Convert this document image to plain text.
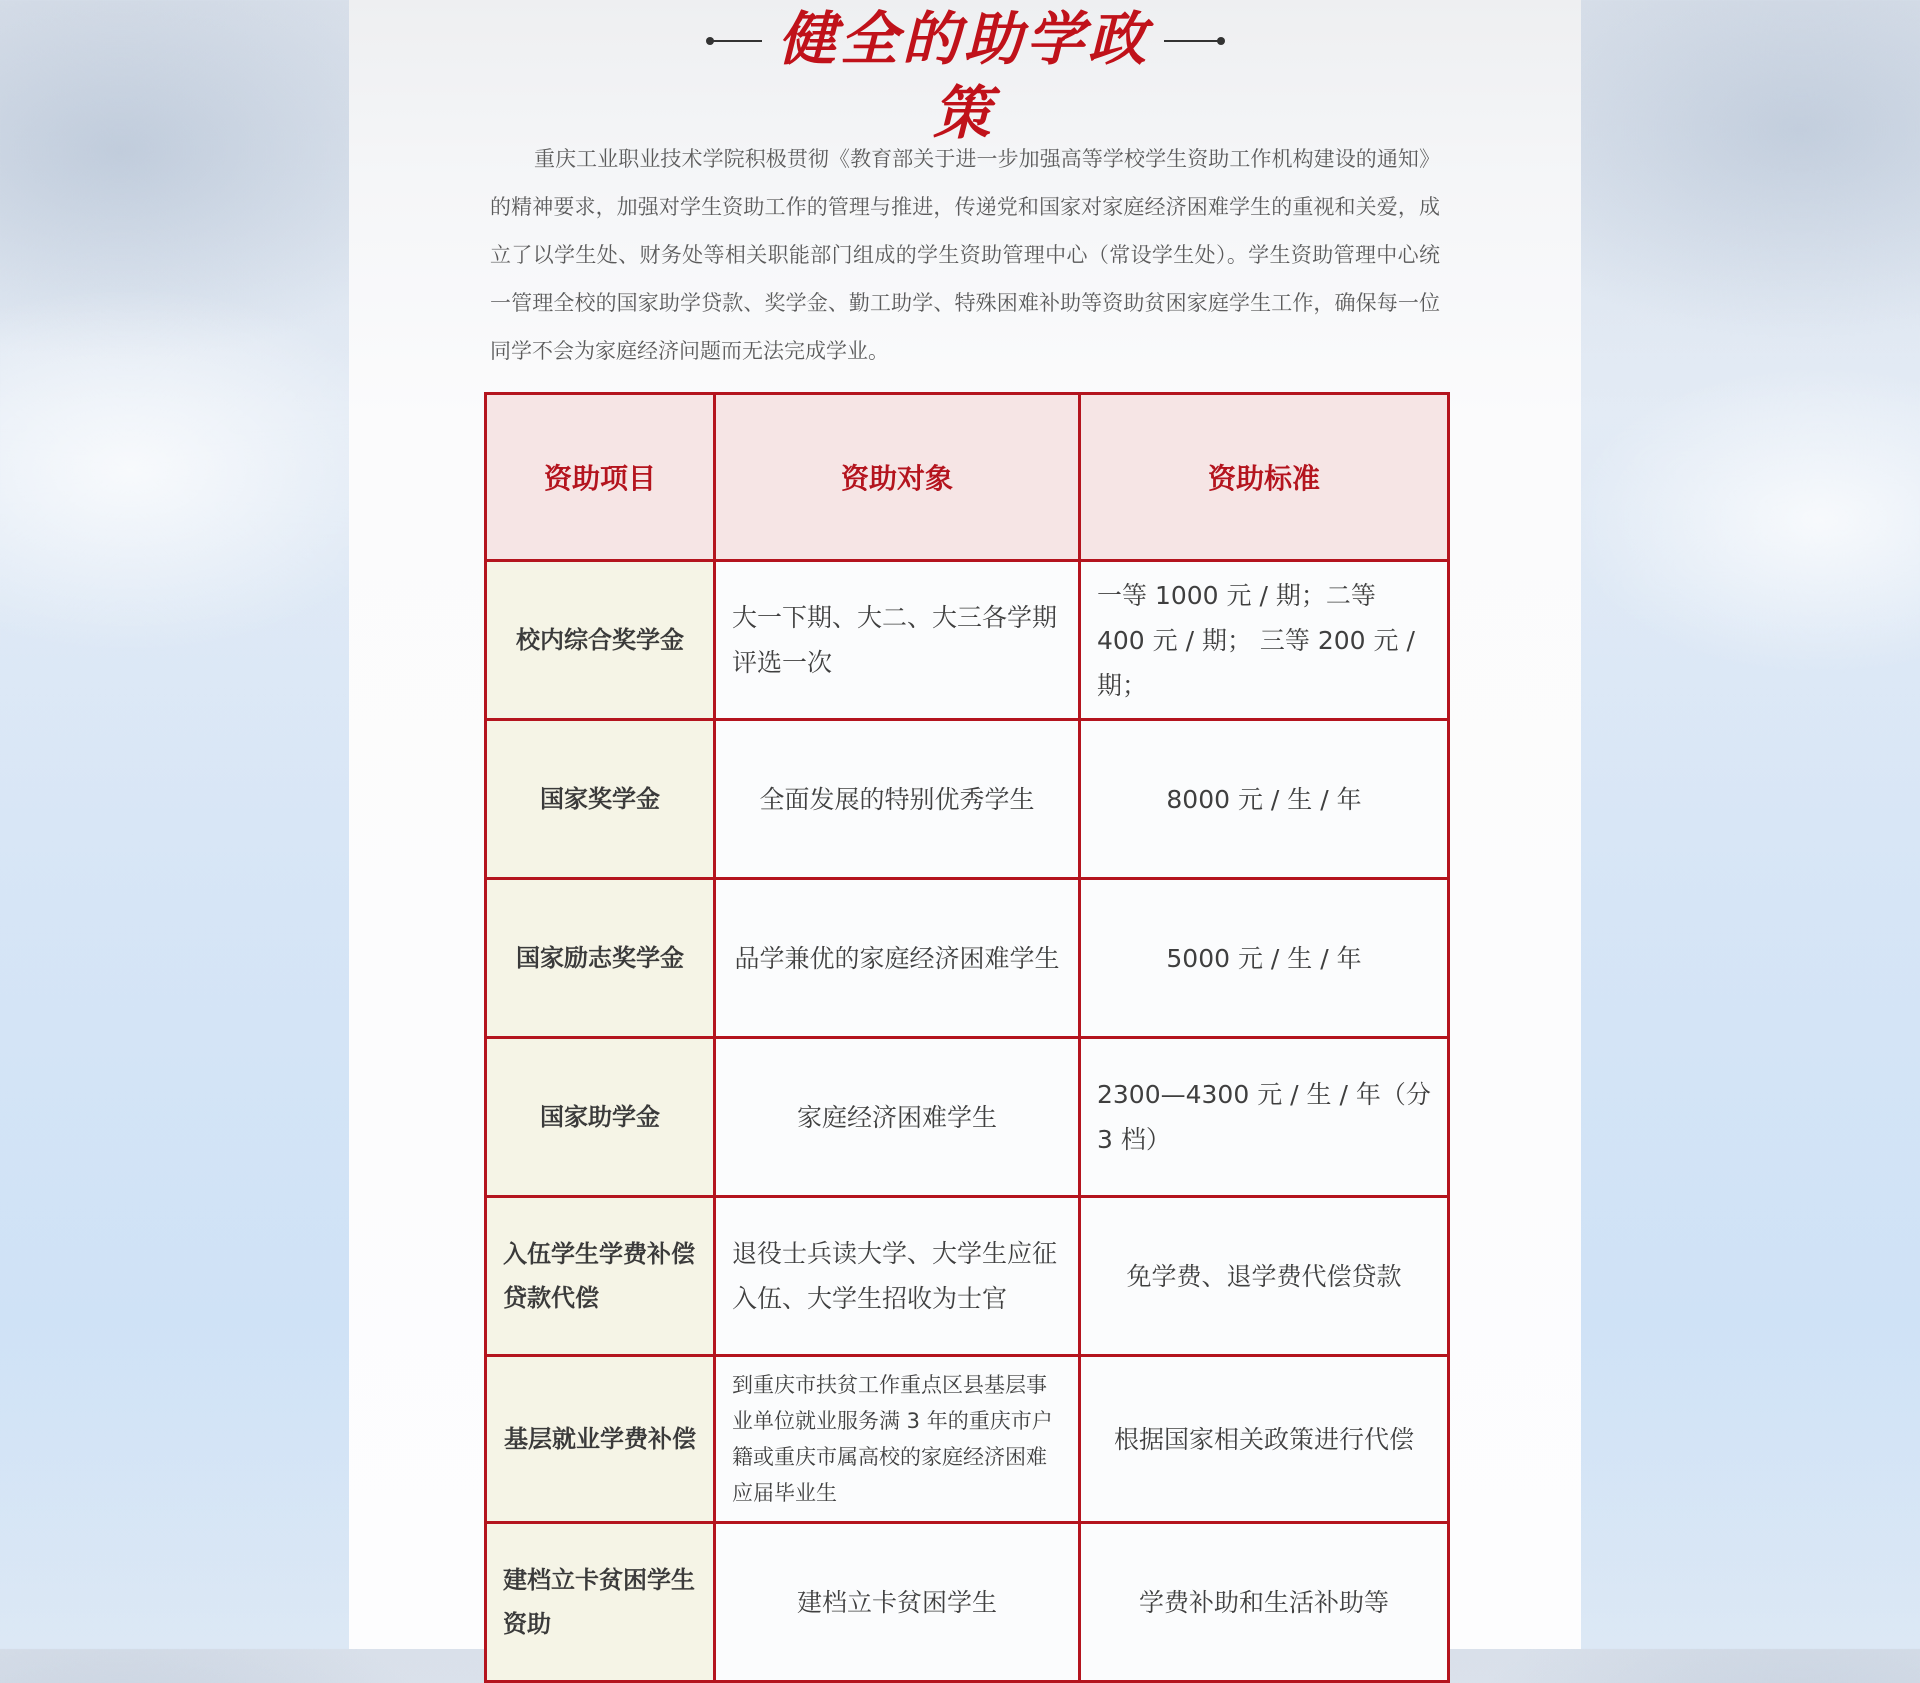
健全的助学政策

重庆工业职业技术学院积极贯彻《教育部关于进一步加强高等学校学生资助工作机构建设的通知》的精神要求，加强对学生资助工作的管理与推进，传递党和国家对家庭经济困难学生的重视和关爱，成立了以学生处、财务处等相关职能部门组成的学生资助管理中心（常设学生处）。学生资助管理中心统一管理全校的国家助学贷款、奖学金、勤工助学、特殊困难补助等资助贫困家庭学生工作，确保每一位同学不会为家庭经济问题而无法完成学业。

资助项目	资助对象	资助标准
校内综合奖学金	大一下期、大二、大三各学期评选一次	一等 1000 元 / 期；二等 400 元 / 期； 三等 200 元 / 期；
国家奖学金	全面发展的特别优秀学生	8000 元 / 生 / 年
国家励志奖学金	品学兼优的家庭经济困难学生	5000 元 / 生 / 年
国家助学金	家庭经济困难学生	2300—4300 元 / 生 / 年（分 3 档）
入伍学生学费补偿贷款代偿	退役士兵读大学、大学生应征入伍、大学生招收为士官	免学费、退学费代偿贷款
基层就业学费补偿	到重庆市扶贫工作重点区县基层事业单位就业服务满 3 年的重庆市户籍或重庆市属高校的家庭经济困难应届毕业生	根据国家相关政策进行代偿
建档立卡贫困学生资助	建档立卡贫困学生	学费补助和生活补助等
